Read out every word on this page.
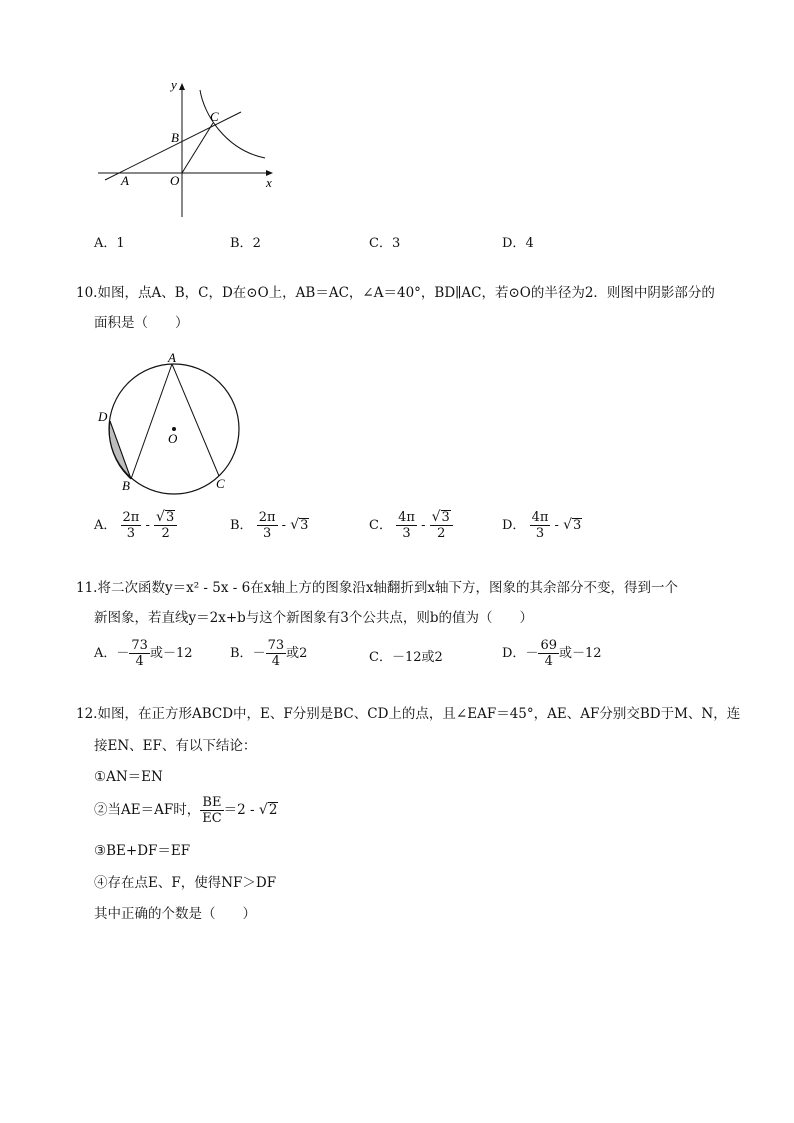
y
x
A
B
C
O
A．1	B．2	C．3	D．4
10.如图，点A、B，C，D在⊙O上，AB＝AC，∠A＝40°，BD∥AC，若⊙O的半径为2．则图中阴影部分的
面积是（　　）
A
D
O
B	C
A． $\frac{2\pi}{3} - \frac{√3}{2}$	B． $\frac{2\pi}{3} - √3$	C． $\frac{4\pi}{3} - \frac{√3}{2}$	D． $\frac{4\pi}{3} - √3$
11.将二次函数y＝x² - 5x - 6在x轴上方的图象沿x轴翻折到x轴下方，图象的其余部分不变，得到一个
新图象，若直线y＝2x+b与这个新图象有3个公共点，则b的值为（　　）
A．－ $\frac{73}{4}$ 或－12	B．－ $\frac{73}{4}$ 或2	C．－12或2	D．－ $\frac{69}{4}$ 或－12
12.如图，在正方形ABCD中，E、F分别是BC、CD上的点，且∠EAF＝45°，AE、AF分别交BD于M、N，连
接EN、EF、有以下结论：
①AN＝EN
②当AE＝AF时， $\frac{BE}{EC} =2 - √2$
③BE+DF＝EF
④存在点E、F，使得NF＞DF
其中正确的个数是（　　）
